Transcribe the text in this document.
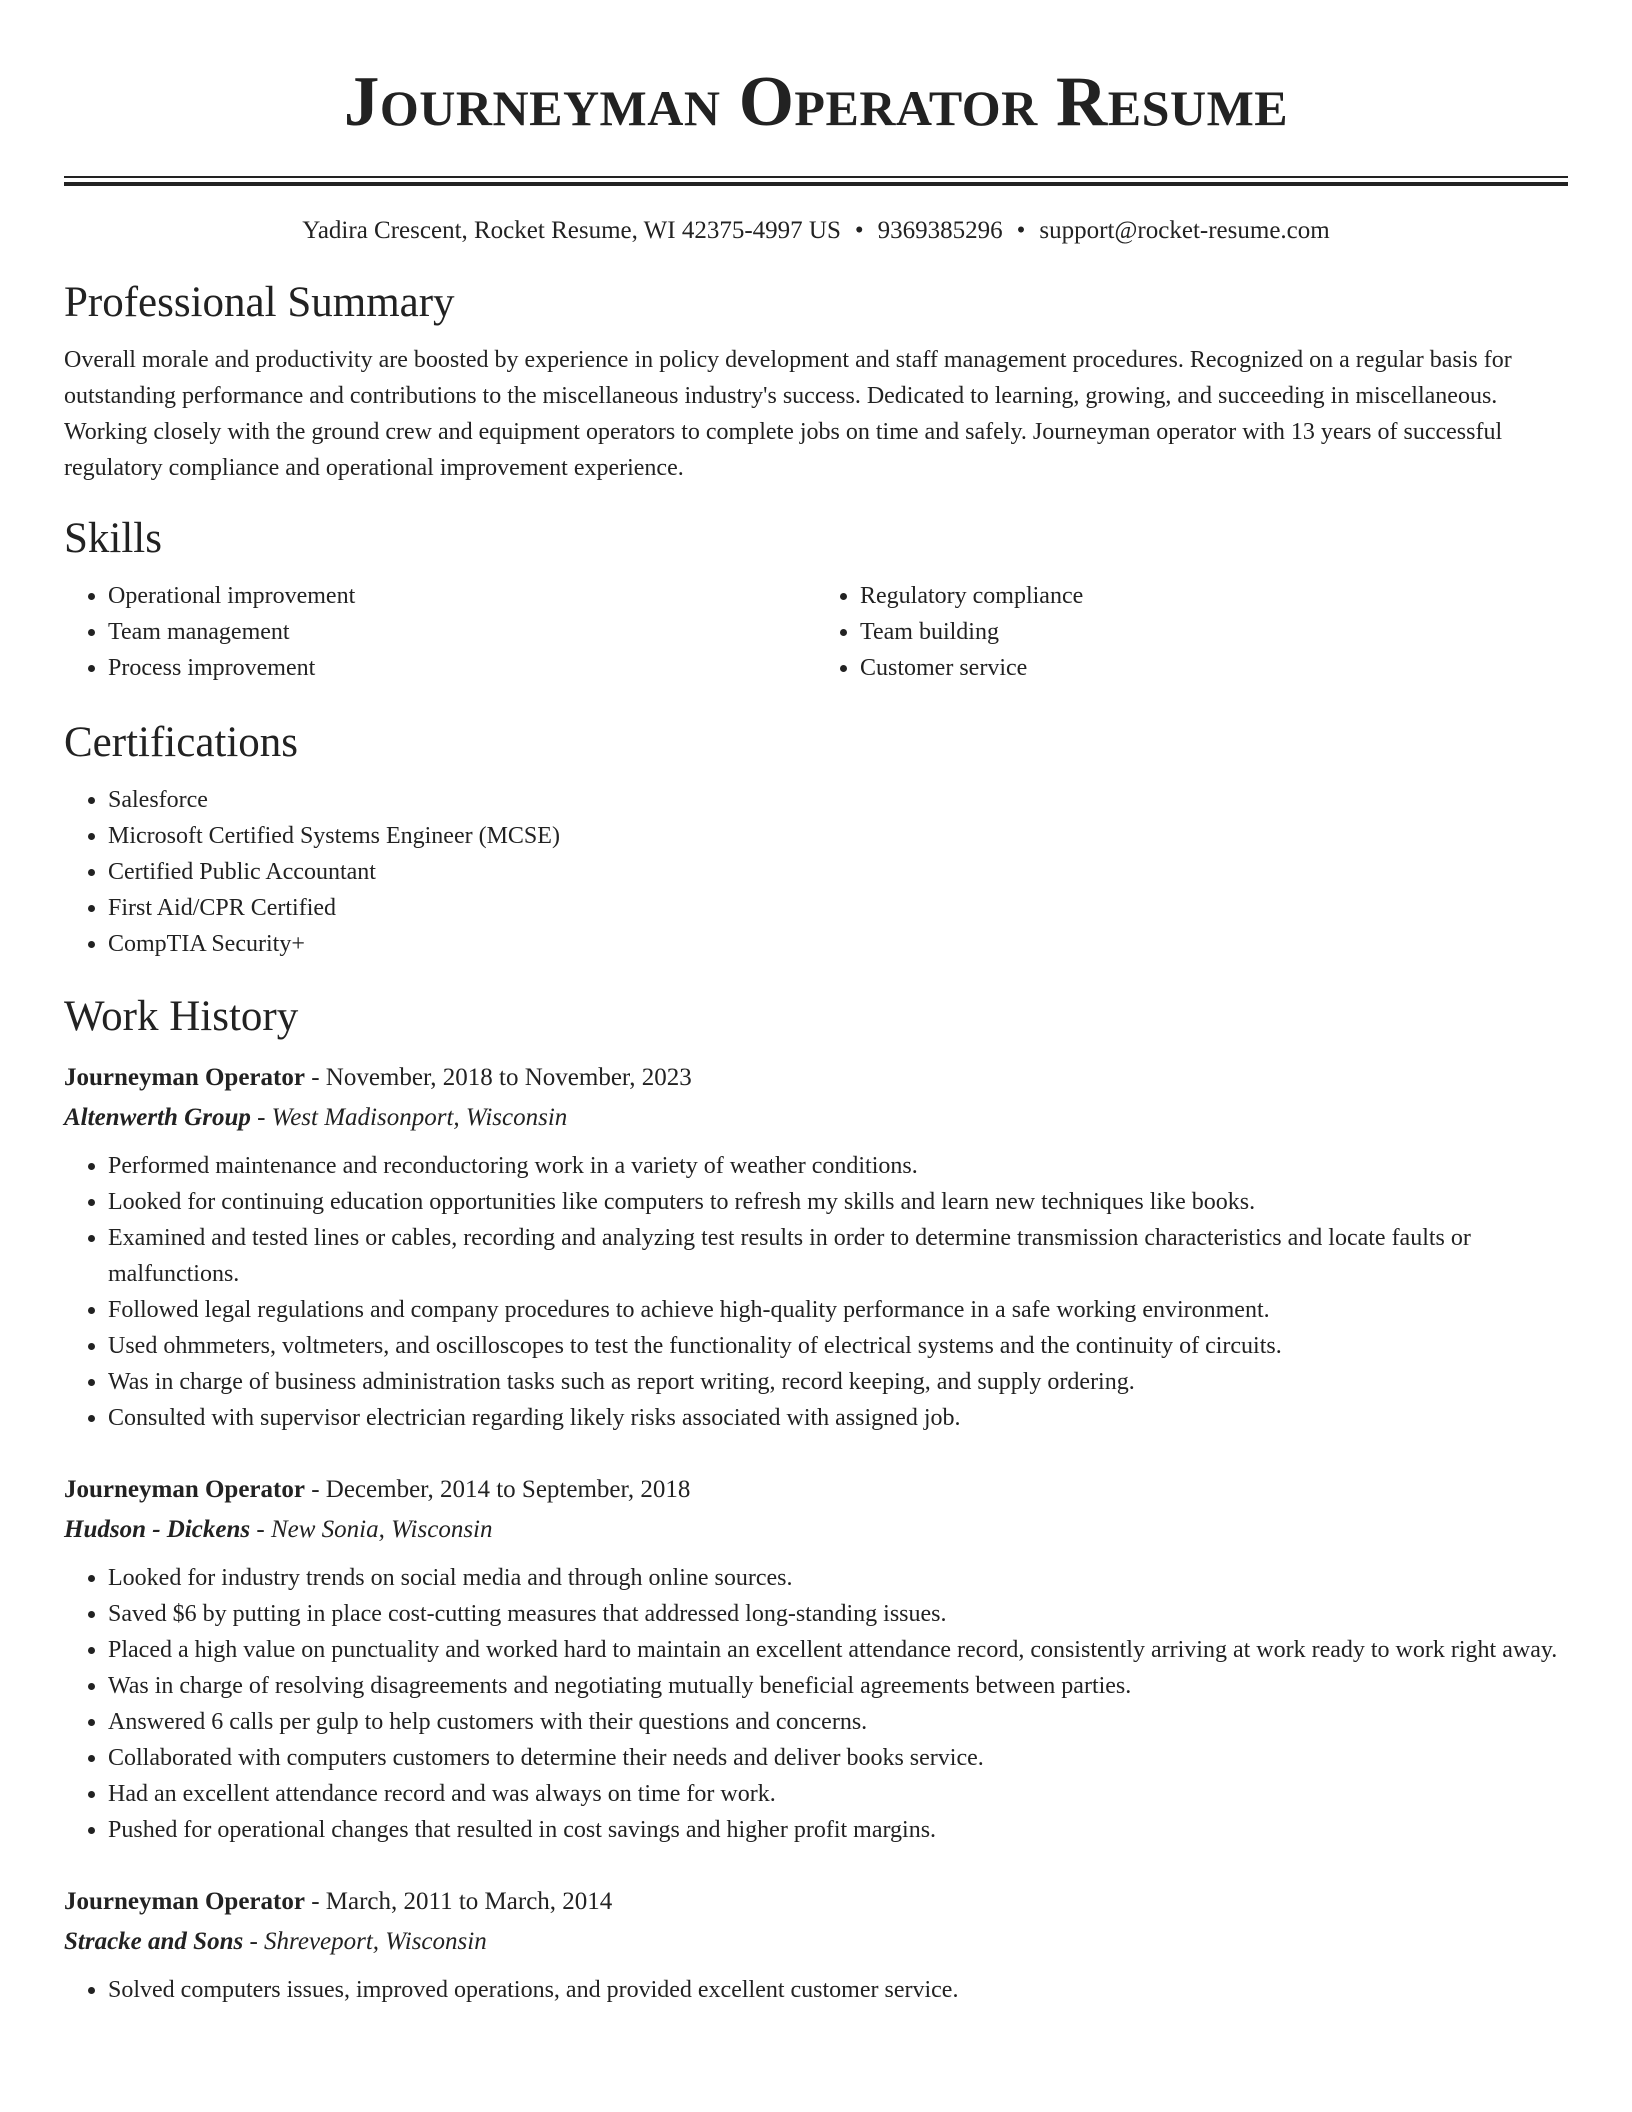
Journeyman Operator Resume
Yadira Crescent, Rocket Resume, WI 42375-4997 US • 9369385296 • support@rocket-resume.com
Professional Summary

Overall morale and productivity are boosted by experience in policy development and staff management procedures. Recognized on a regular basis for outstanding performance and contributions to the miscellaneous industry's success. Dedicated to learning, growing, and succeeding in miscellaneous. Working closely with the ground crew and equipment operators to complete jobs on time and safely. Journeyman operator with 13 years of successful regulatory compliance and operational improvement experience.

Skills
• Operational improvement
• Team management
• Process improvement
• Regulatory compliance
• Team building
• Customer service
Certifications
• Salesforce
• Microsoft Certified Systems Engineer (MCSE)
• Certified Public Accountant
• First Aid/CPR Certified
• CompTIA Security+
Work History
Journeyman Operator - November, 2018 to November, 2023
Altenwerth Group - West Madisonport, Wisconsin
• Performed maintenance and reconductoring work in a variety of weather conditions.
• Looked for continuing education opportunities like computers to refresh my skills and learn new techniques like books.
• Examined and tested lines or cables, recording and analyzing test results in order to determine transmission characteristics and locate faults or malfunctions.
• Followed legal regulations and company procedures to achieve high-quality performance in a safe working environment.
• Used ohmmeters, voltmeters, and oscilloscopes to test the functionality of electrical systems and the continuity of circuits.
• Was in charge of business administration tasks such as report writing, record keeping, and supply ordering.
• Consulted with supervisor electrician regarding likely risks associated with assigned job.
Journeyman Operator - December, 2014 to September, 2018
Hudson - Dickens - New Sonia, Wisconsin
• Looked for industry trends on social media and through online sources.
• Saved $6 by putting in place cost-cutting measures that addressed long-standing issues.
• Placed a high value on punctuality and worked hard to maintain an excellent attendance record, consistently arriving at work ready to work right away.
• Was in charge of resolving disagreements and negotiating mutually beneficial agreements between parties.
• Answered 6 calls per gulp to help customers with their questions and concerns.
• Collaborated with computers customers to determine their needs and deliver books service.
• Had an excellent attendance record and was always on time for work.
• Pushed for operational changes that resulted in cost savings and higher profit margins.
Journeyman Operator - March, 2011 to March, 2014
Stracke and Sons - Shreveport, Wisconsin
• Solved computers issues, improved operations, and provided excellent customer service.
